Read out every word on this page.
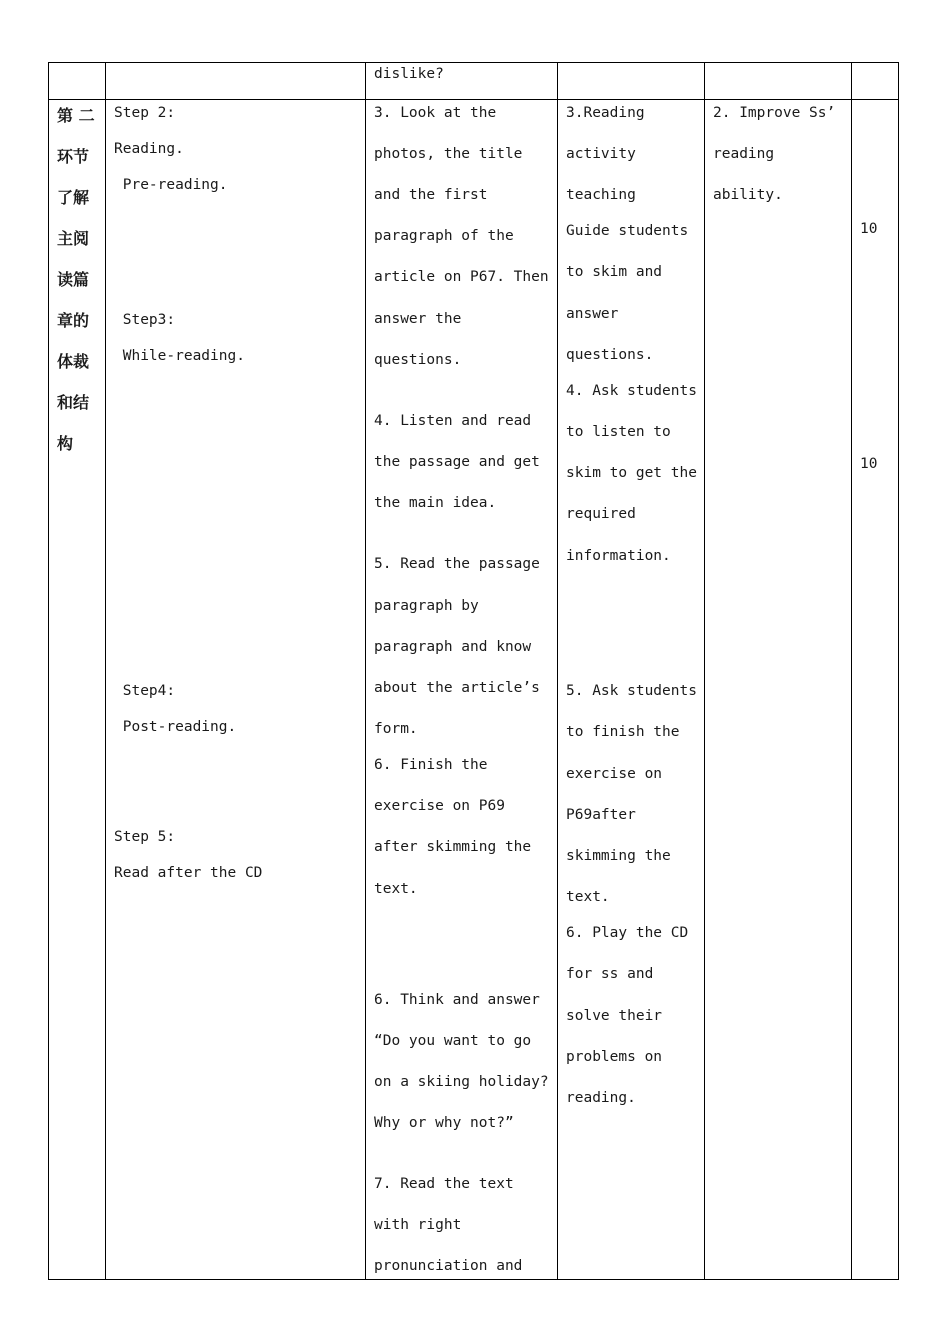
dislike?
第 二
环节
了解
主阅
读篇
章的
体裁
和结
构
Step 2:
Reading.
Pre-reading.
Step3:
While-reading.
Step4:
Post-reading.
Step 5:
Read after the CD
3. Look at the
photos, the title
and the first
paragraph of the
article on P67. Then
answer the
questions.
4. Listen and read
the passage and get
the main idea.
5. Read the passage
paragraph by
paragraph and know
about the article’s
form.
6. Finish the
exercise on P69
after skimming the
text.
6. Think and answer
“Do you want to go
on a skiing holiday?
Why or why not?”
7. Read the text
with right
pronunciation and
3.Reading
activity
teaching
Guide students
to skim and
answer
questions.
4. Ask students
to listen to
skim to get the
required
information.
5. Ask students
to finish the
exercise on
P69after
skimming the
text.
6. Play the CD
for ss and
solve their
problems on
reading.
2. Improve Ss’
reading
ability.
10
10
